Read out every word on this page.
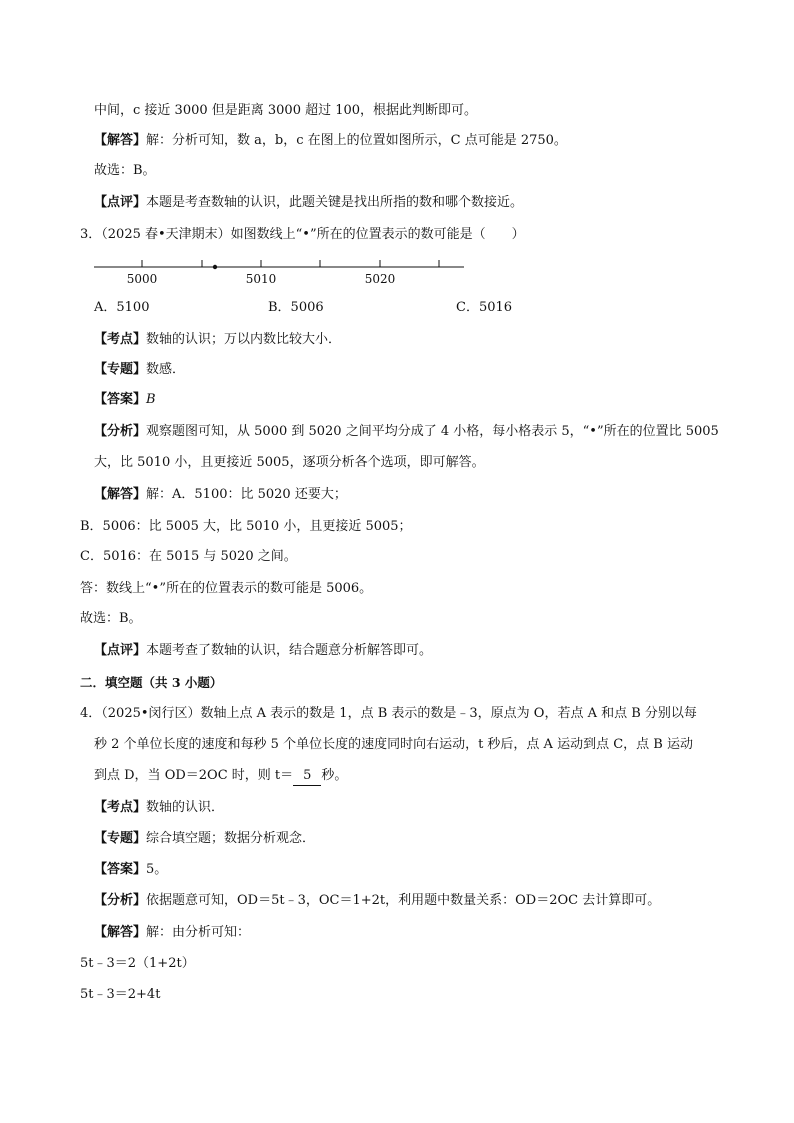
中间，c 接近 3000 但是距离 3000 超过 100，根据此判断即可。
【解答】解：分析可知，数 a，b，c 在图上的位置如图所示，C 点可能是 2750。
故选：B。
【点评】本题是考查数轴的认识，此题关键是找出所指的数和哪个数接近。
3．（2025 春•天津期末）如图数线上“•”所在的位置表示的数可能是（　　）
5000	5010	5020
A．5100	B．5006	C．5016
【考点】数轴的认识；万以内数比较大小．
【专题】数感．
【答案】B
【分析】观察题图可知，从 5000 到 5020 之间平均分成了 4 小格，每小格表示 5，“•”所在的位置比 5005
大，比 5010 小，且更接近 5005，逐项分析各个选项，即可解答。
【解答】解：A．5100：比 5020 还要大；
B．5006：比 5005 大，比 5010 小，且更接近 5005；
C．5016：在 5015 与 5020 之间。
答：数线上“•”所在的位置表示的数可能是 5006。
故选：B。
【点评】本题考查了数轴的认识，结合题意分析解答即可。
二．填空题（共 3 小题）
4．（2025•闵行区）数轴上点 A 表示的数是 1，点 B 表示的数是﹣3，原点为 O，若点 A 和点 B 分别以每
秒 2 个单位长度的速度和每秒 5 个单位长度的速度同时向右运动，t 秒后，点 A 运动到点 C，点 B 运动
到点 D，当 OD＝2OC 时，则 t＝ 5 秒。
【考点】数轴的认识．
【专题】综合填空题；数据分析观念．
【答案】5。
【分析】依据题意可知，OD＝5t﹣3，OC＝1+2t，利用题中数量关系：OD＝2OC 去计算即可。
【解答】解：由分析可知：
5t﹣3＝2（1+2t）
5t﹣3＝2+4t
